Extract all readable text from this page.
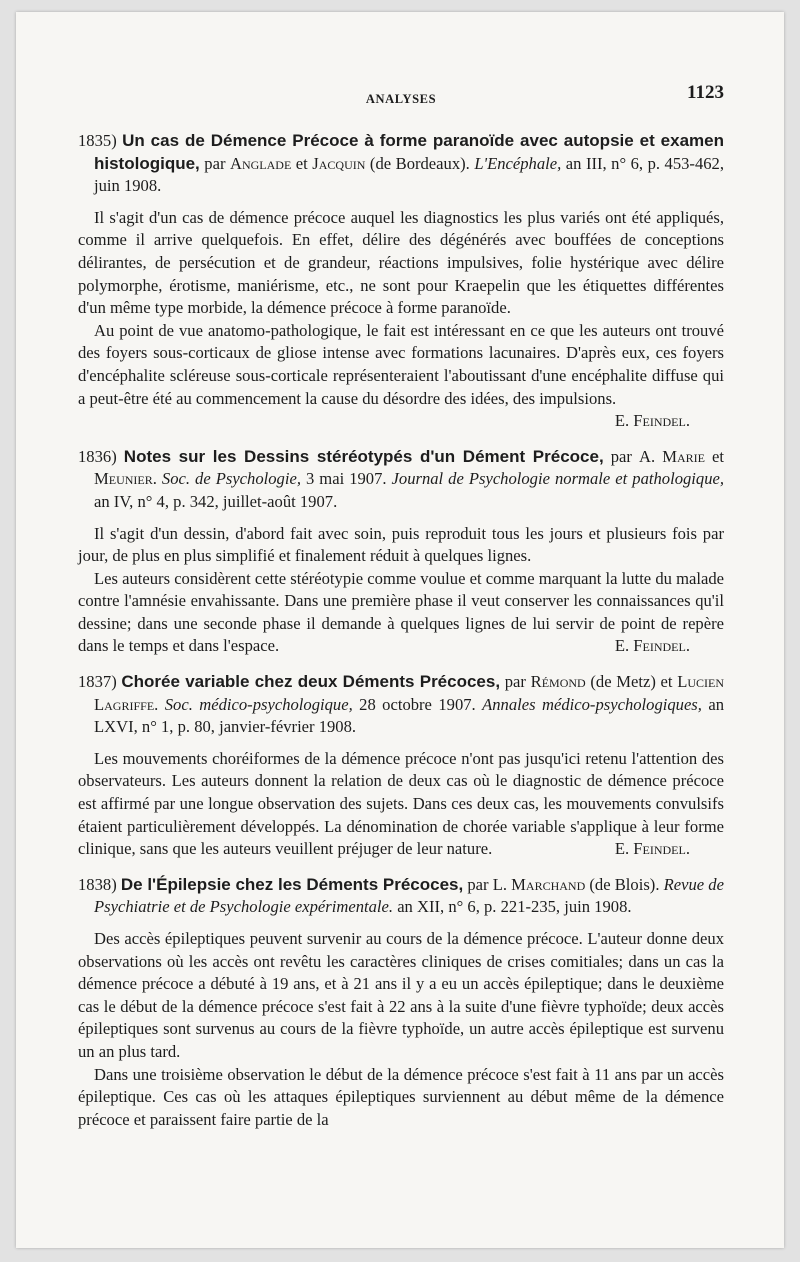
ANALYSES	1123
1835) Un cas de Démence Précoce à forme paranoïde avec autopsie et examen histologique, par Anglade et Jacquin (de Bordeaux). L'Encéphale, an III, n° 6, p. 453-462, juin 1908.

Il s'agit d'un cas de démence précoce auquel les diagnostics les plus variés ont été appliqués, comme il arrive quelquefois. En effet, délire des dégénérés avec bouffées de conceptions délirantes, de persécution et de grandeur, réactions impulsives, folie hystérique avec délire polymorphe, érotisme, maniérisme, etc., ne sont pour Kraepelin que les étiquettes différentes d'un même type morbide, la démence précoce à forme paranoïde.

Au point de vue anatomo-pathologique, le fait est intéressant en ce que les auteurs ont trouvé des foyers sous-corticaux de gliose intense avec formations lacunaires. D'après eux, ces foyers d'encéphalite scléreuse sous-corticale représenteraient l'aboutissant d'une encéphalite diffuse qui a peut-être été au commencement la cause du désordre des idées, des impulsions.
E. Feindel.

1836) Notes sur les Dessins stéréotypés d'un Dément Précoce, par A. Marie et Meunier. Soc. de Psychologie, 3 mai 1907. Journal de Psychologie normale et pathologique, an IV, n° 4, p. 342, juillet-août 1907.

Il s'agit d'un dessin, d'abord fait avec soin, puis reproduit tous les jours et plusieurs fois par jour, de plus en plus simplifié et finalement réduit à quelques lignes.

Les auteurs considèrent cette stéréotypie comme voulue et comme marquant la lutte du malade contre l'amnésie envahissante. Dans une première phase il veut conserver les connaissances qu'il dessine; dans une seconde phase il demande à quelques lignes de lui servir de point de repère dans le temps et dans l'espace.	E. Feindel.

1837) Chorée variable chez deux Déments Précoces, par Rémond (de Metz) et Lucien Lagriffe. Soc. médico-psychologique, 28 octobre 1907. Annales médico-psychologiques, an LXVI, n° 1, p. 80, janvier-février 1908.

Les mouvements choréiformes de la démence précoce n'ont pas jusqu'ici retenu l'attention des observateurs. Les auteurs donnent la relation de deux cas où le diagnostic de démence précoce est affirmé par une longue observation des sujets. Dans ces deux cas, les mouvements convulsifs étaient particulièrement développés. La dénomination de chorée variable s'applique à leur forme clinique, sans que les auteurs veuillent préjuger de leur nature.	E. Feindel.

1838) De l'Épilepsie chez les Déments Précoces, par L. Marchand (de Blois). Revue de Psychiatrie et de Psychologie expérimentale. an XII, n° 6, p. 221-235, juin 1908.

Des accès épileptiques peuvent survenir au cours de la démence précoce. L'auteur donne deux observations où les accès ont revêtu les caractères cliniques de crises comitiales; dans un cas la démence précoce a débuté à 19 ans, et à 21 ans il y a eu un accès épileptique; dans le deuxième cas le début de la démence précoce s'est fait à 22 ans à la suite d'une fièvre typhoïde; deux accès épileptiques sont survenus au cours de la fièvre typhoïde, un autre accès épileptique est survenu un an plus tard.

Dans une troisième observation le début de la démence précoce s'est fait à 11 ans par un accès épileptique. Ces cas où les attaques épileptiques surviennent au début même de la démence précoce et paraissent faire partie de la
